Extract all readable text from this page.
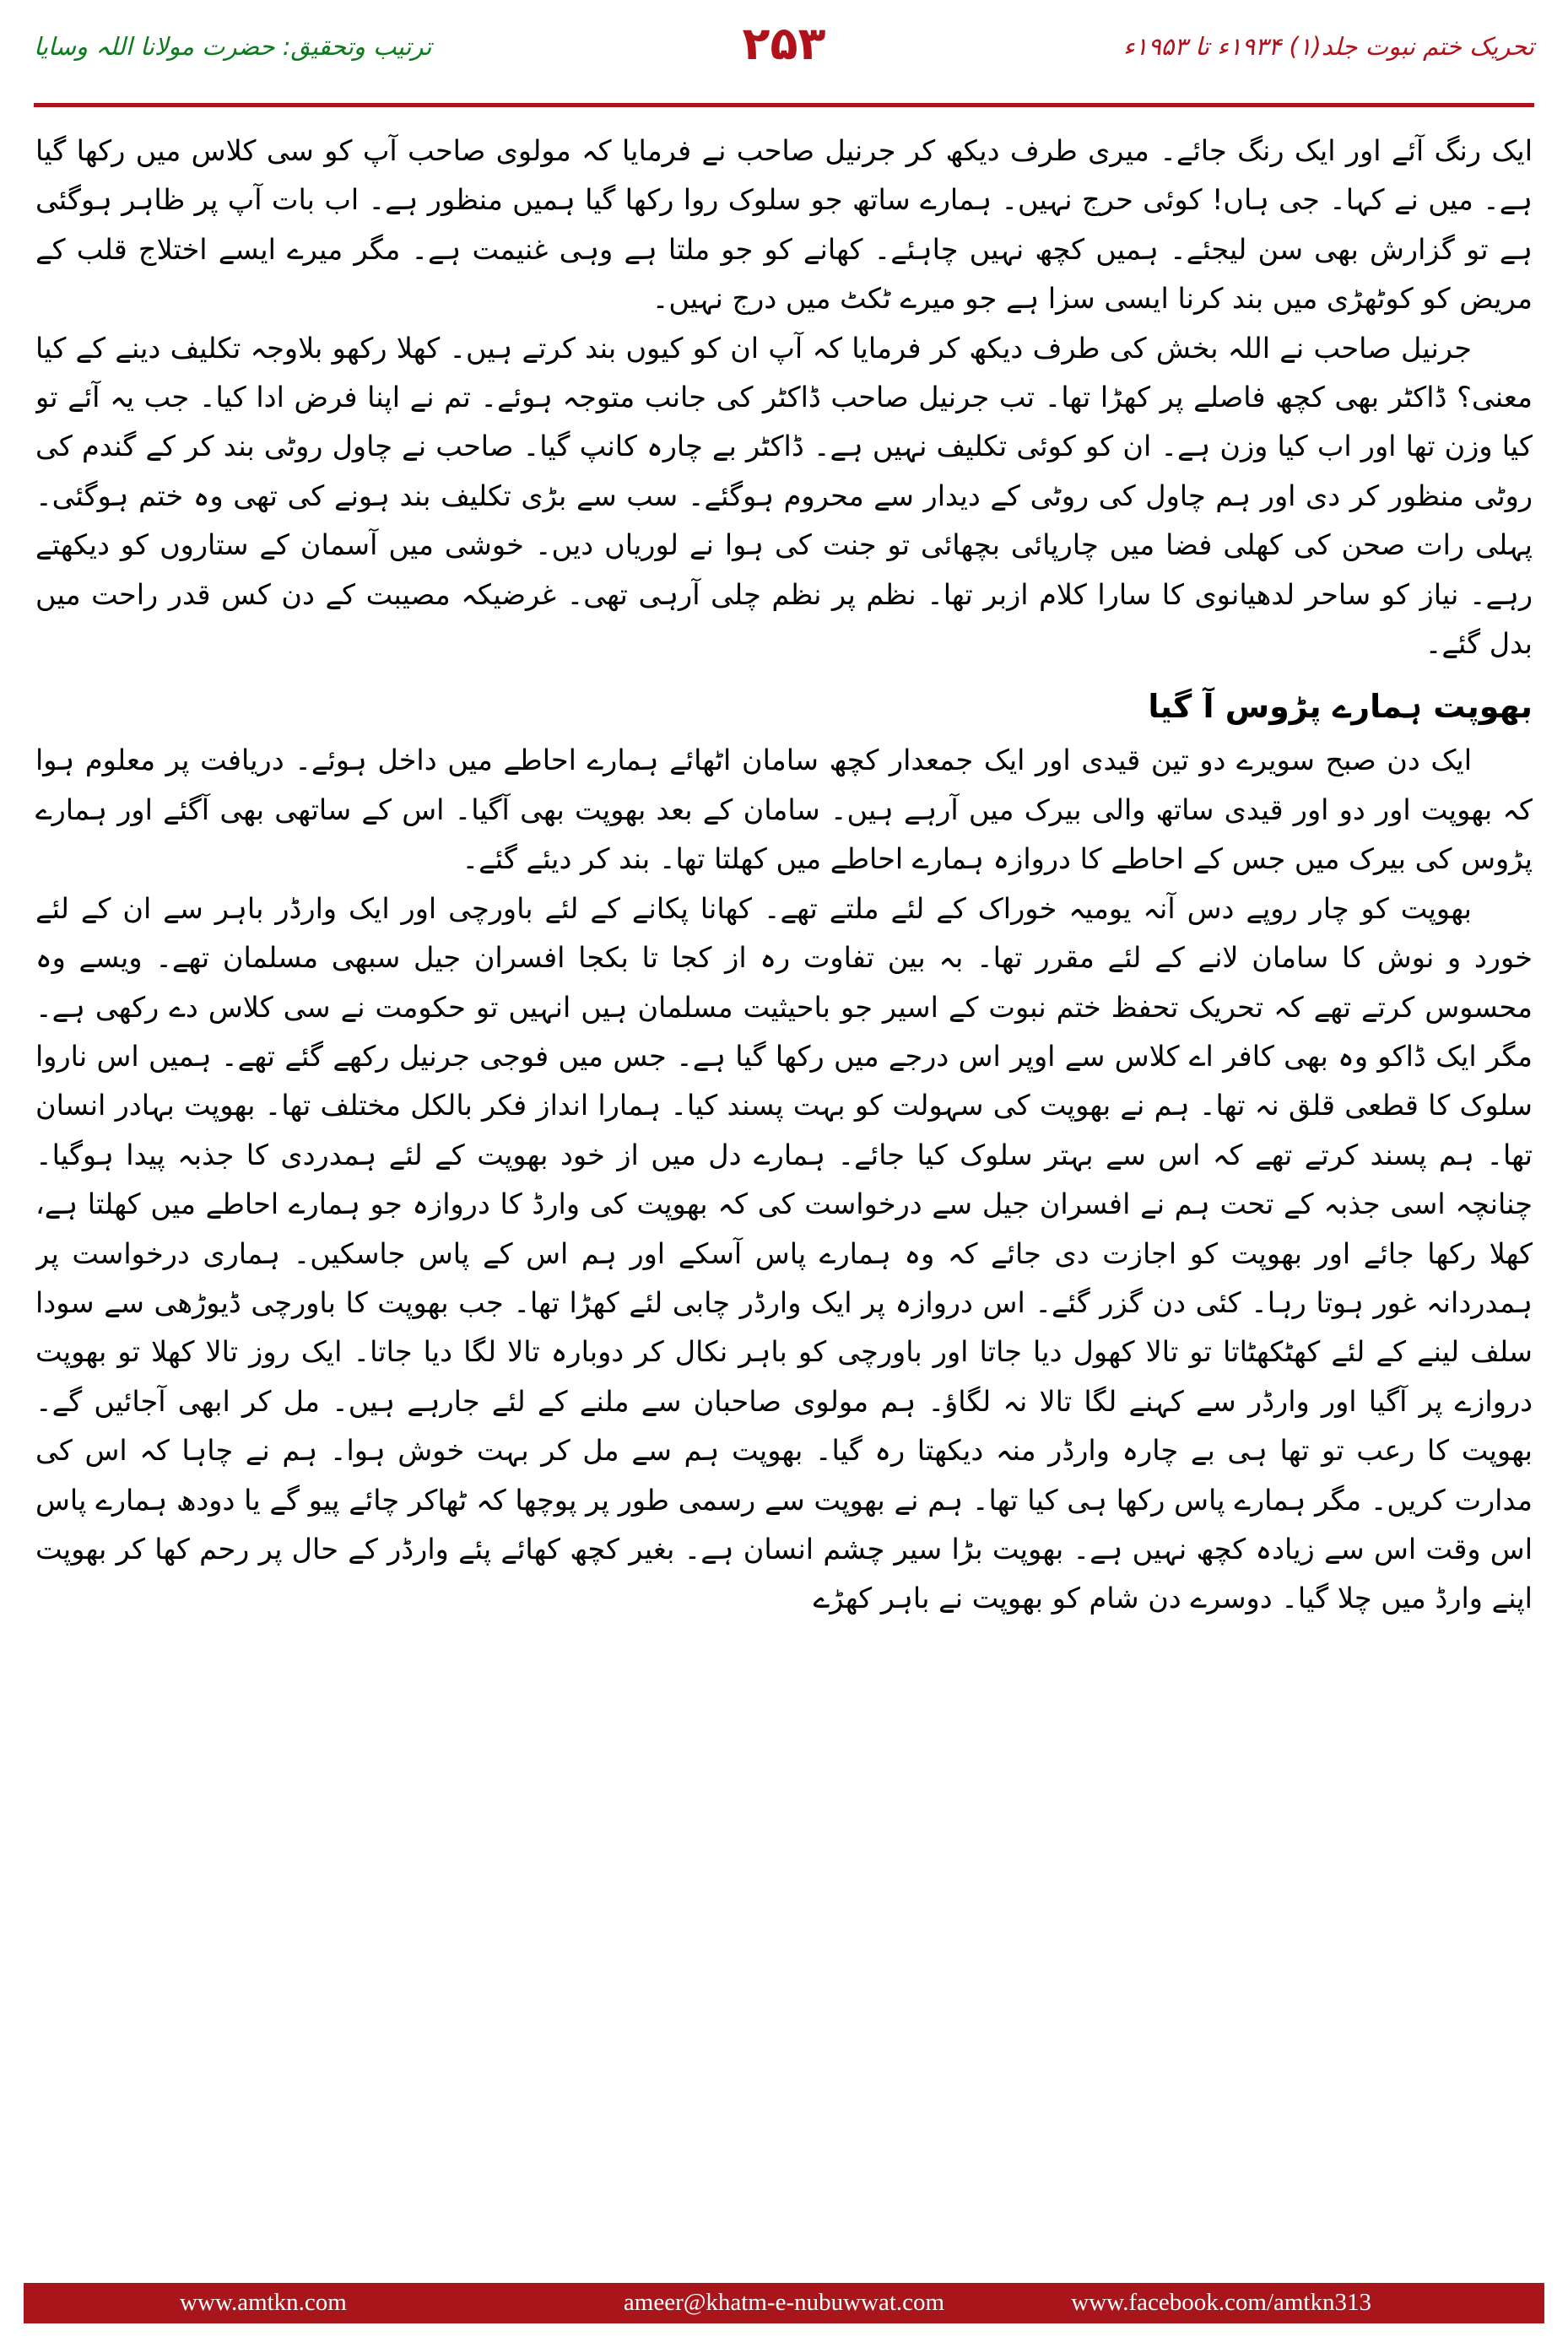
ترتیب وتحقیق: حضرت مولانا اللہ وسایا	۲۵۳	تحریک ختم نبوت جلد(۱) ۱۹۳۴ء تا ۱۹۵۳ء

ایک رنگ آئے اور ایک رنگ جائے۔ میری طرف دیکھ کر جرنیل صاحب نے فرمایا کہ مولوی صاحب آپ کو سی کلاس میں رکھا گیا ہے۔ میں نے کہا۔ جی ہاں! کوئی حرج نہیں۔ ہمارے ساتھ جو سلوک روا رکھا گیا ہمیں منظور ہے۔ اب بات آپ پر ظاہر ہوگئی ہے تو گزارش بھی سن لیجئے۔ ہمیں کچھ نہیں چاہئے۔ کھانے کو جو ملتا ہے وہی غنیمت ہے۔ مگر میرے ایسے اختلاج قلب کے مریض کو کوٹھڑی میں بند کرنا ایسی سزا ہے جو میرے ٹکٹ میں درج نہیں۔

جرنیل صاحب نے اللہ بخش کی طرف دیکھ کر فرمایا کہ آپ ان کو کیوں بند کرتے ہیں۔ کھلا رکھو بلاوجہ تکلیف دینے کے کیا معنی؟ ڈاکٹر بھی کچھ فاصلے پر کھڑا تھا۔ تب جرنیل صاحب ڈاکٹر کی جانب متوجہ ہوئے۔ تم نے اپنا فرض ادا کیا۔ جب یہ آئے تو کیا وزن تھا اور اب کیا وزن ہے۔ ان کو کوئی تکلیف نہیں ہے۔ ڈاکٹر بے چارہ کانپ گیا۔ صاحب نے چاول روٹی بند کر کے گندم کی روٹی منظور کر دی اور ہم چاول کی روٹی کے دیدار سے محروم ہوگئے۔ سب سے بڑی تکلیف بند ہونے کی تھی وہ ختم ہوگئی۔ پہلی رات صحن کی کھلی فضا میں چارپائی بچھائی تو جنت کی ہوا نے لوریاں دیں۔ خوشی میں آسمان کے ستاروں کو دیکھتے رہے۔ نیاز کو ساحر لدھیانوی کا سارا کلام ازبر تھا۔ نظم پر نظم چلی آرہی تھی۔ غرضیکہ مصیبت کے دن کس قدر راحت میں بدل گئے۔

بھوپت ہمارے پڑوس آ گیا

ایک دن صبح سویرے دو تین قیدی اور ایک جمعدار کچھ سامان اٹھائے ہمارے احاطے میں داخل ہوئے۔ دریافت پر معلوم ہوا کہ بھوپت اور دو اور قیدی ساتھ والی بیرک میں آرہے ہیں۔ سامان کے بعد بھوپت بھی آگیا۔ اس کے ساتھی بھی آگئے اور ہمارے پڑوس کی بیرک میں جس کے احاطے کا دروازہ ہمارے احاطے میں کھلتا تھا۔ بند کر دیئے گئے۔

بھوپت کو چار روپے دس آنہ یومیہ خوراک کے لئے ملتے تھے۔ کھانا پکانے کے لئے باورچی اور ایک وارڈر باہر سے ان کے لئے خورد و نوش کا سامان لانے کے لئے مقرر تھا۔ بہ بین تفاوت رہ از کجا تا بکجا افسران جیل سبھی مسلمان تھے۔ ویسے وہ محسوس کرتے تھے کہ تحریک تحفظ ختم نبوت کے اسیر جو باحیثیت مسلمان ہیں انہیں تو حکومت نے سی کلاس دے رکھی ہے۔ مگر ایک ڈاکو وہ بھی کافر اے کلاس سے اوپر اس درجے میں رکھا گیا ہے۔ جس میں فوجی جرنیل رکھے گئے تھے۔ ہمیں اس ناروا سلوک کا قطعی قلق نہ تھا۔ ہم نے بھوپت کی سہولت کو بہت پسند کیا۔ ہمارا انداز فکر بالکل مختلف تھا۔ بھوپت بہادر انسان تھا۔ ہم پسند کرتے تھے کہ اس سے بہتر سلوک کیا جائے۔ ہمارے دل میں از خود بھوپت کے لئے ہمدردی کا جذبہ پیدا ہوگیا۔ چنانچہ اسی جذبہ کے تحت ہم نے افسران جیل سے درخواست کی کہ بھوپت کی وارڈ کا دروازہ جو ہمارے احاطے میں کھلتا ہے، کھلا رکھا جائے اور بھوپت کو اجازت دی جائے کہ وہ ہمارے پاس آسکے اور ہم اس کے پاس جاسکیں۔ ہماری درخواست پر ہمدردانہ غور ہوتا رہا۔ کئی دن گزر گئے۔ اس دروازہ پر ایک وارڈر چابی لئے کھڑا تھا۔ جب بھوپت کا باورچی ڈیوڑھی سے سودا سلف لینے کے لئے کھٹکھٹاتا تو تالا کھول دیا جاتا اور باورچی کو باہر نکال کر دوبارہ تالا لگا دیا جاتا۔ ایک روز تالا کھلا تو بھوپت دروازے پر آگیا اور وارڈر سے کہنے لگا تالا نہ لگاؤ۔ ہم مولوی صاحبان سے ملنے کے لئے جارہے ہیں۔ مل کر ابھی آجائیں گے۔ بھوپت کا رعب تو تھا ہی بے چارہ وارڈر منہ دیکھتا رہ گیا۔ بھوپت ہم سے مل کر بہت خوش ہوا۔ ہم نے چاہا کہ اس کی مدارت کریں۔ مگر ہمارے پاس رکھا ہی کیا تھا۔ ہم نے بھوپت سے رسمی طور پر پوچھا کہ ٹھاکر چائے پیو گے یا دودھ ہمارے پاس اس وقت اس سے زیادہ کچھ نہیں ہے۔ بھوپت بڑا سیر چشم انسان ہے۔ بغیر کچھ کھائے پئے وارڈر کے حال پر رحم کھا کر بھوپت اپنے وارڈ میں چلا گیا۔ دوسرے دن شام کو بھوپت نے باہر کھڑے

www.amtkn.com	ameer@khatm-e-nubuwwat.com	www.facebook.com/amtkn313
